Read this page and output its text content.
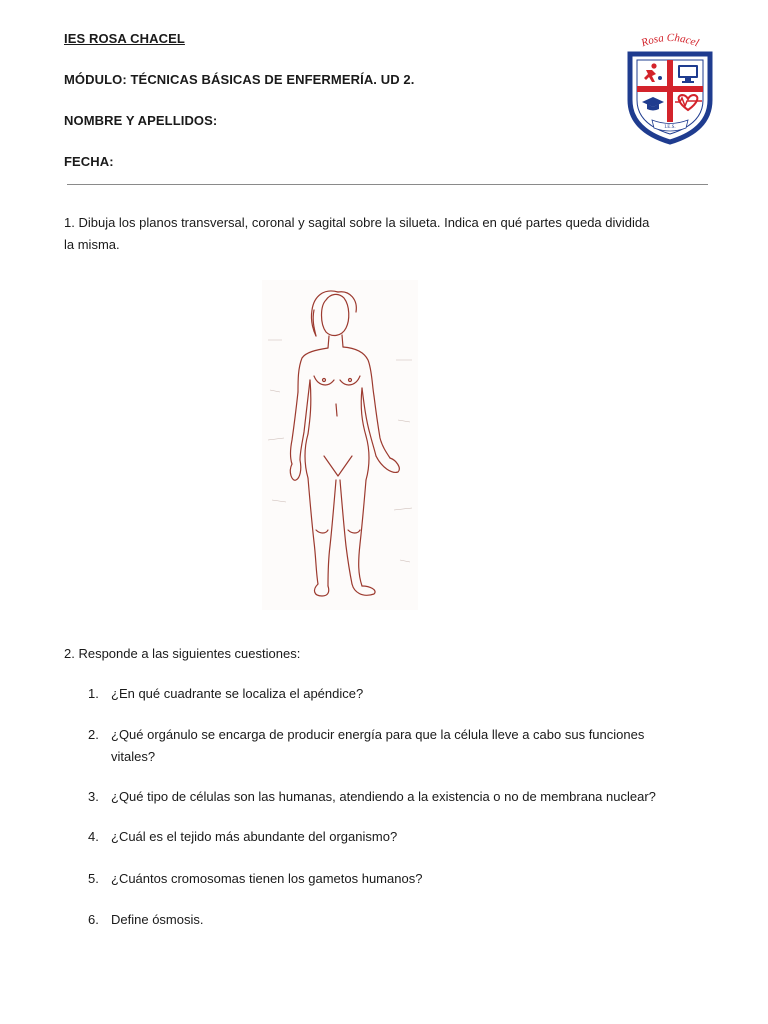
IES ROSA CHACEL
MÓDULO: TÉCNICAS BÁSICAS DE ENFERMERÍA. UD 2.
NOMBRE Y APELLIDOS:
FECHA:
Rosa Chacel
I.E.S.
1. Dibuja los planos transversal, coronal y sagital sobre la silueta. Indica en qué partes queda dividida
la misma.
2. Responde a las siguientes cuestiones:
1. ¿En qué cuadrante se localiza el apéndice?
2. ¿Qué orgánulo se encarga de producir energía para que la célula lleve a cabo sus funciones
vitales?
3. ¿Qué tipo de células son las humanas, atendiendo a la existencia o no de membrana nuclear?
4. ¿Cuál es el tejido más abundante del organismo?
5. ¿Cuántos cromosomas tienen los gametos humanos?
6. Define ósmosis.
